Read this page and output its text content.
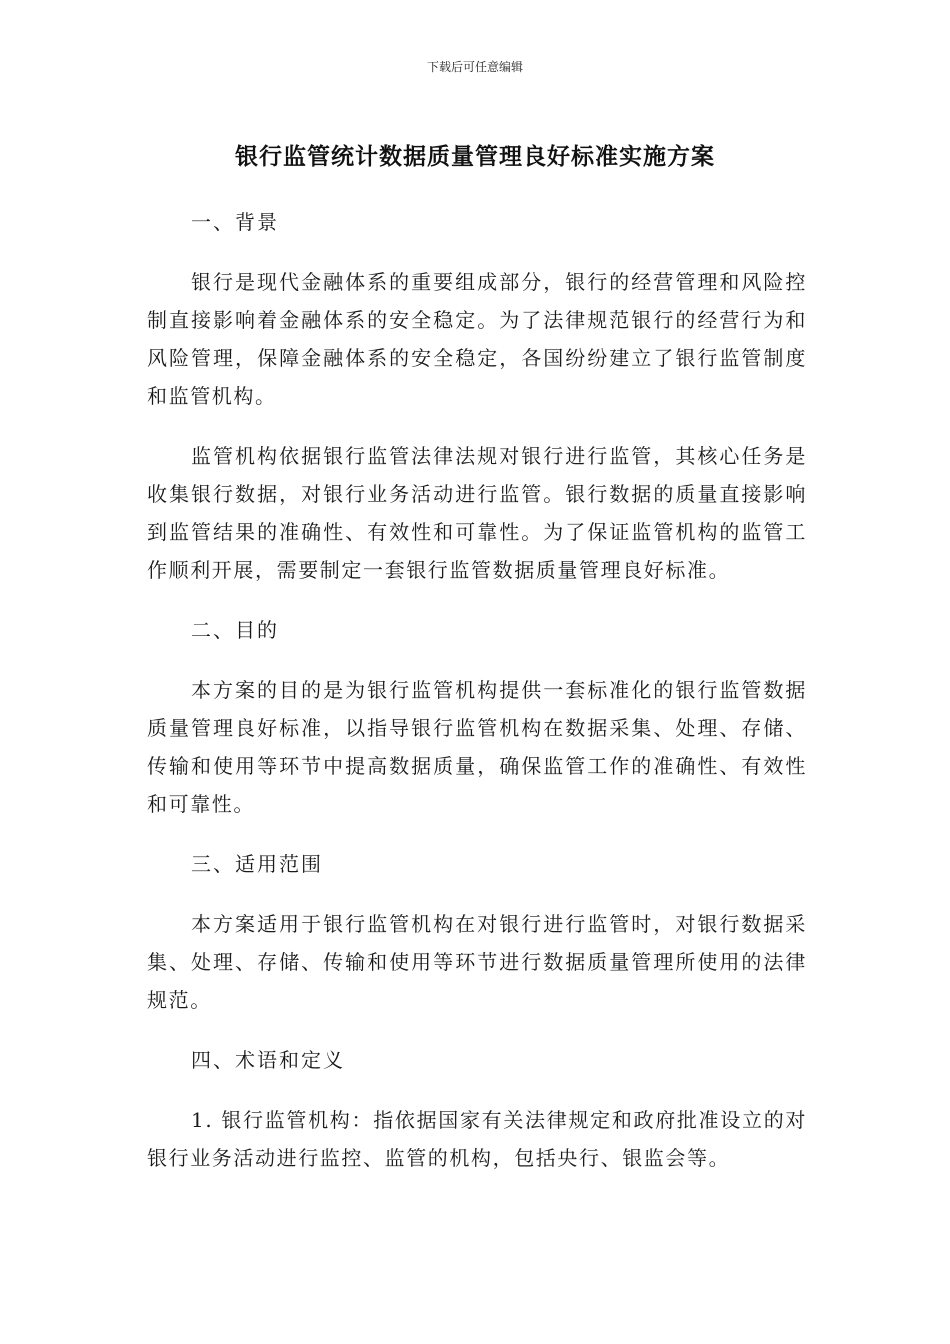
下载后可任意编辑
银行监管统计数据质量管理良好标准实施方案

一、背景

银行是现代金融体系的重要组成部分，银行的经营管理和风险控制直接影响着金融体系的安全稳定。为了法律规范银行的经营行为和风险管理，保障金融体系的安全稳定，各国纷纷建立了银行监管制度和监管机构。

监管机构依据银行监管法律法规对银行进行监管，其核心任务是收集银行数据，对银行业务活动进行监管。银行数据的质量直接影响到监管结果的准确性、有效性和可靠性。为了保证监管机构的监管工作顺利开展，需要制定一套银行监管数据质量管理良好标准。

二、目的

本方案的目的是为银行监管机构提供一套标准化的银行监管数据质量管理良好标准，以指导银行监管机构在数据采集、处理、存储、传输和使用等环节中提高数据质量，确保监管工作的准确性、有效性和可靠性。

三、适用范围

本方案适用于银行监管机构在对银行进行监管时，对银行数据采集、处理、存储、传输和使用等环节进行数据质量管理所使用的法律规范。

四、术语和定义

1. 银行监管机构：指依据国家有关法律规定和政府批准设立的对银行业务活动进行监控、监管的机构，包括央行、银监会等。
